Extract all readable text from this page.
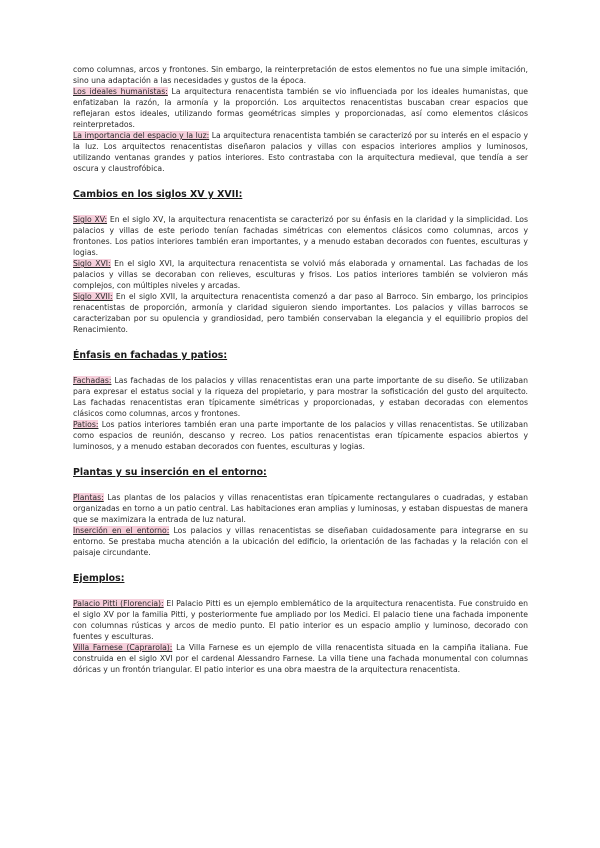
como columnas, arcos y frontones. Sin embargo, la reinterpretación de estos elementos no fue una simple imitación, sino una adaptación a las necesidades y gustos de la época.

Los ideales humanistas: La arquitectura renacentista también se vio influenciada por los ideales humanistas, que enfatizaban la razón, la armonía y la proporción. Los arquitectos renacentistas buscaban crear espacios que reflejaran estos ideales, utilizando formas geométricas simples y proporcionadas, así como elementos clásicos reinterpretados.

La importancia del espacio y la luz: La arquitectura renacentista también se caracterizó por su interés en el espacio y la luz. Los arquitectos renacentistas diseñaron palacios y villas con espacios interiores amplios y luminosos, utilizando ventanas grandes y patios interiores. Esto contrastaba con la arquitectura medieval, que tendía a ser oscura y claustrofóbica.

Cambios en los siglos XV y XVII:

Siglo XV: En el siglo XV, la arquitectura renacentista se caracterizó por su énfasis en la claridad y la simplicidad. Los palacios y villas de este periodo tenían fachadas simétricas con elementos clásicos como columnas, arcos y frontones. Los patios interiores también eran importantes, y a menudo estaban decorados con fuentes, esculturas y logias.

Siglo XVI: En el siglo XVI, la arquitectura renacentista se volvió más elaborada y ornamental. Las fachadas de los palacios y villas se decoraban con relieves, esculturas y frisos. Los patios interiores también se volvieron más complejos, con múltiples niveles y arcadas.

Siglo XVII: En el siglo XVII, la arquitectura renacentista comenzó a dar paso al Barroco. Sin embargo, los principios renacentistas de proporción, armonía y claridad siguieron siendo importantes. Los palacios y villas barrocos se caracterizaban por su opulencia y grandiosidad, pero también conservaban la elegancia y el equilibrio propios del Renacimiento.

Énfasis en fachadas y patios:

Fachadas: Las fachadas de los palacios y villas renacentistas eran una parte importante de su diseño. Se utilizaban para expresar el estatus social y la riqueza del propietario, y para mostrar la sofisticación del gusto del arquitecto. Las fachadas renacentistas eran típicamente simétricas y proporcionadas, y estaban decoradas con elementos clásicos como columnas, arcos y frontones.

Patios: Los patios interiores también eran una parte importante de los palacios y villas renacentistas. Se utilizaban como espacios de reunión, descanso y recreo. Los patios renacentistas eran típicamente espacios abiertos y luminosos, y a menudo estaban decorados con fuentes, esculturas y logias.

Plantas y su inserción en el entorno:

Plantas: Las plantas de los palacios y villas renacentistas eran típicamente rectangulares o cuadradas, y estaban organizadas en torno a un patio central. Las habitaciones eran amplias y luminosas, y estaban dispuestas de manera que se maximizara la entrada de luz natural.

Inserción en el entorno: Los palacios y villas renacentistas se diseñaban cuidadosamente para integrarse en su entorno. Se prestaba mucha atención a la ubicación del edificio, la orientación de las fachadas y la relación con el paisaje circundante.

Ejemplos:

Palacio Pitti (Florencia): El Palacio Pitti es un ejemplo emblemático de la arquitectura renacentista. Fue construido en el siglo XV por la familia Pitti, y posteriormente fue ampliado por los Medici. El palacio tiene una fachada imponente con columnas rústicas y arcos de medio punto. El patio interior es un espacio amplio y luminoso, decorado con fuentes y esculturas.

Villa Farnese (Caprarola): La Villa Farnese es un ejemplo de villa renacentista situada en la campiña italiana. Fue construida en el siglo XVI por el cardenal Alessandro Farnese. La villa tiene una fachada monumental con columnas dóricas y un frontón triangular. El patio interior es una obra maestra de la arquitectura renacentista.
